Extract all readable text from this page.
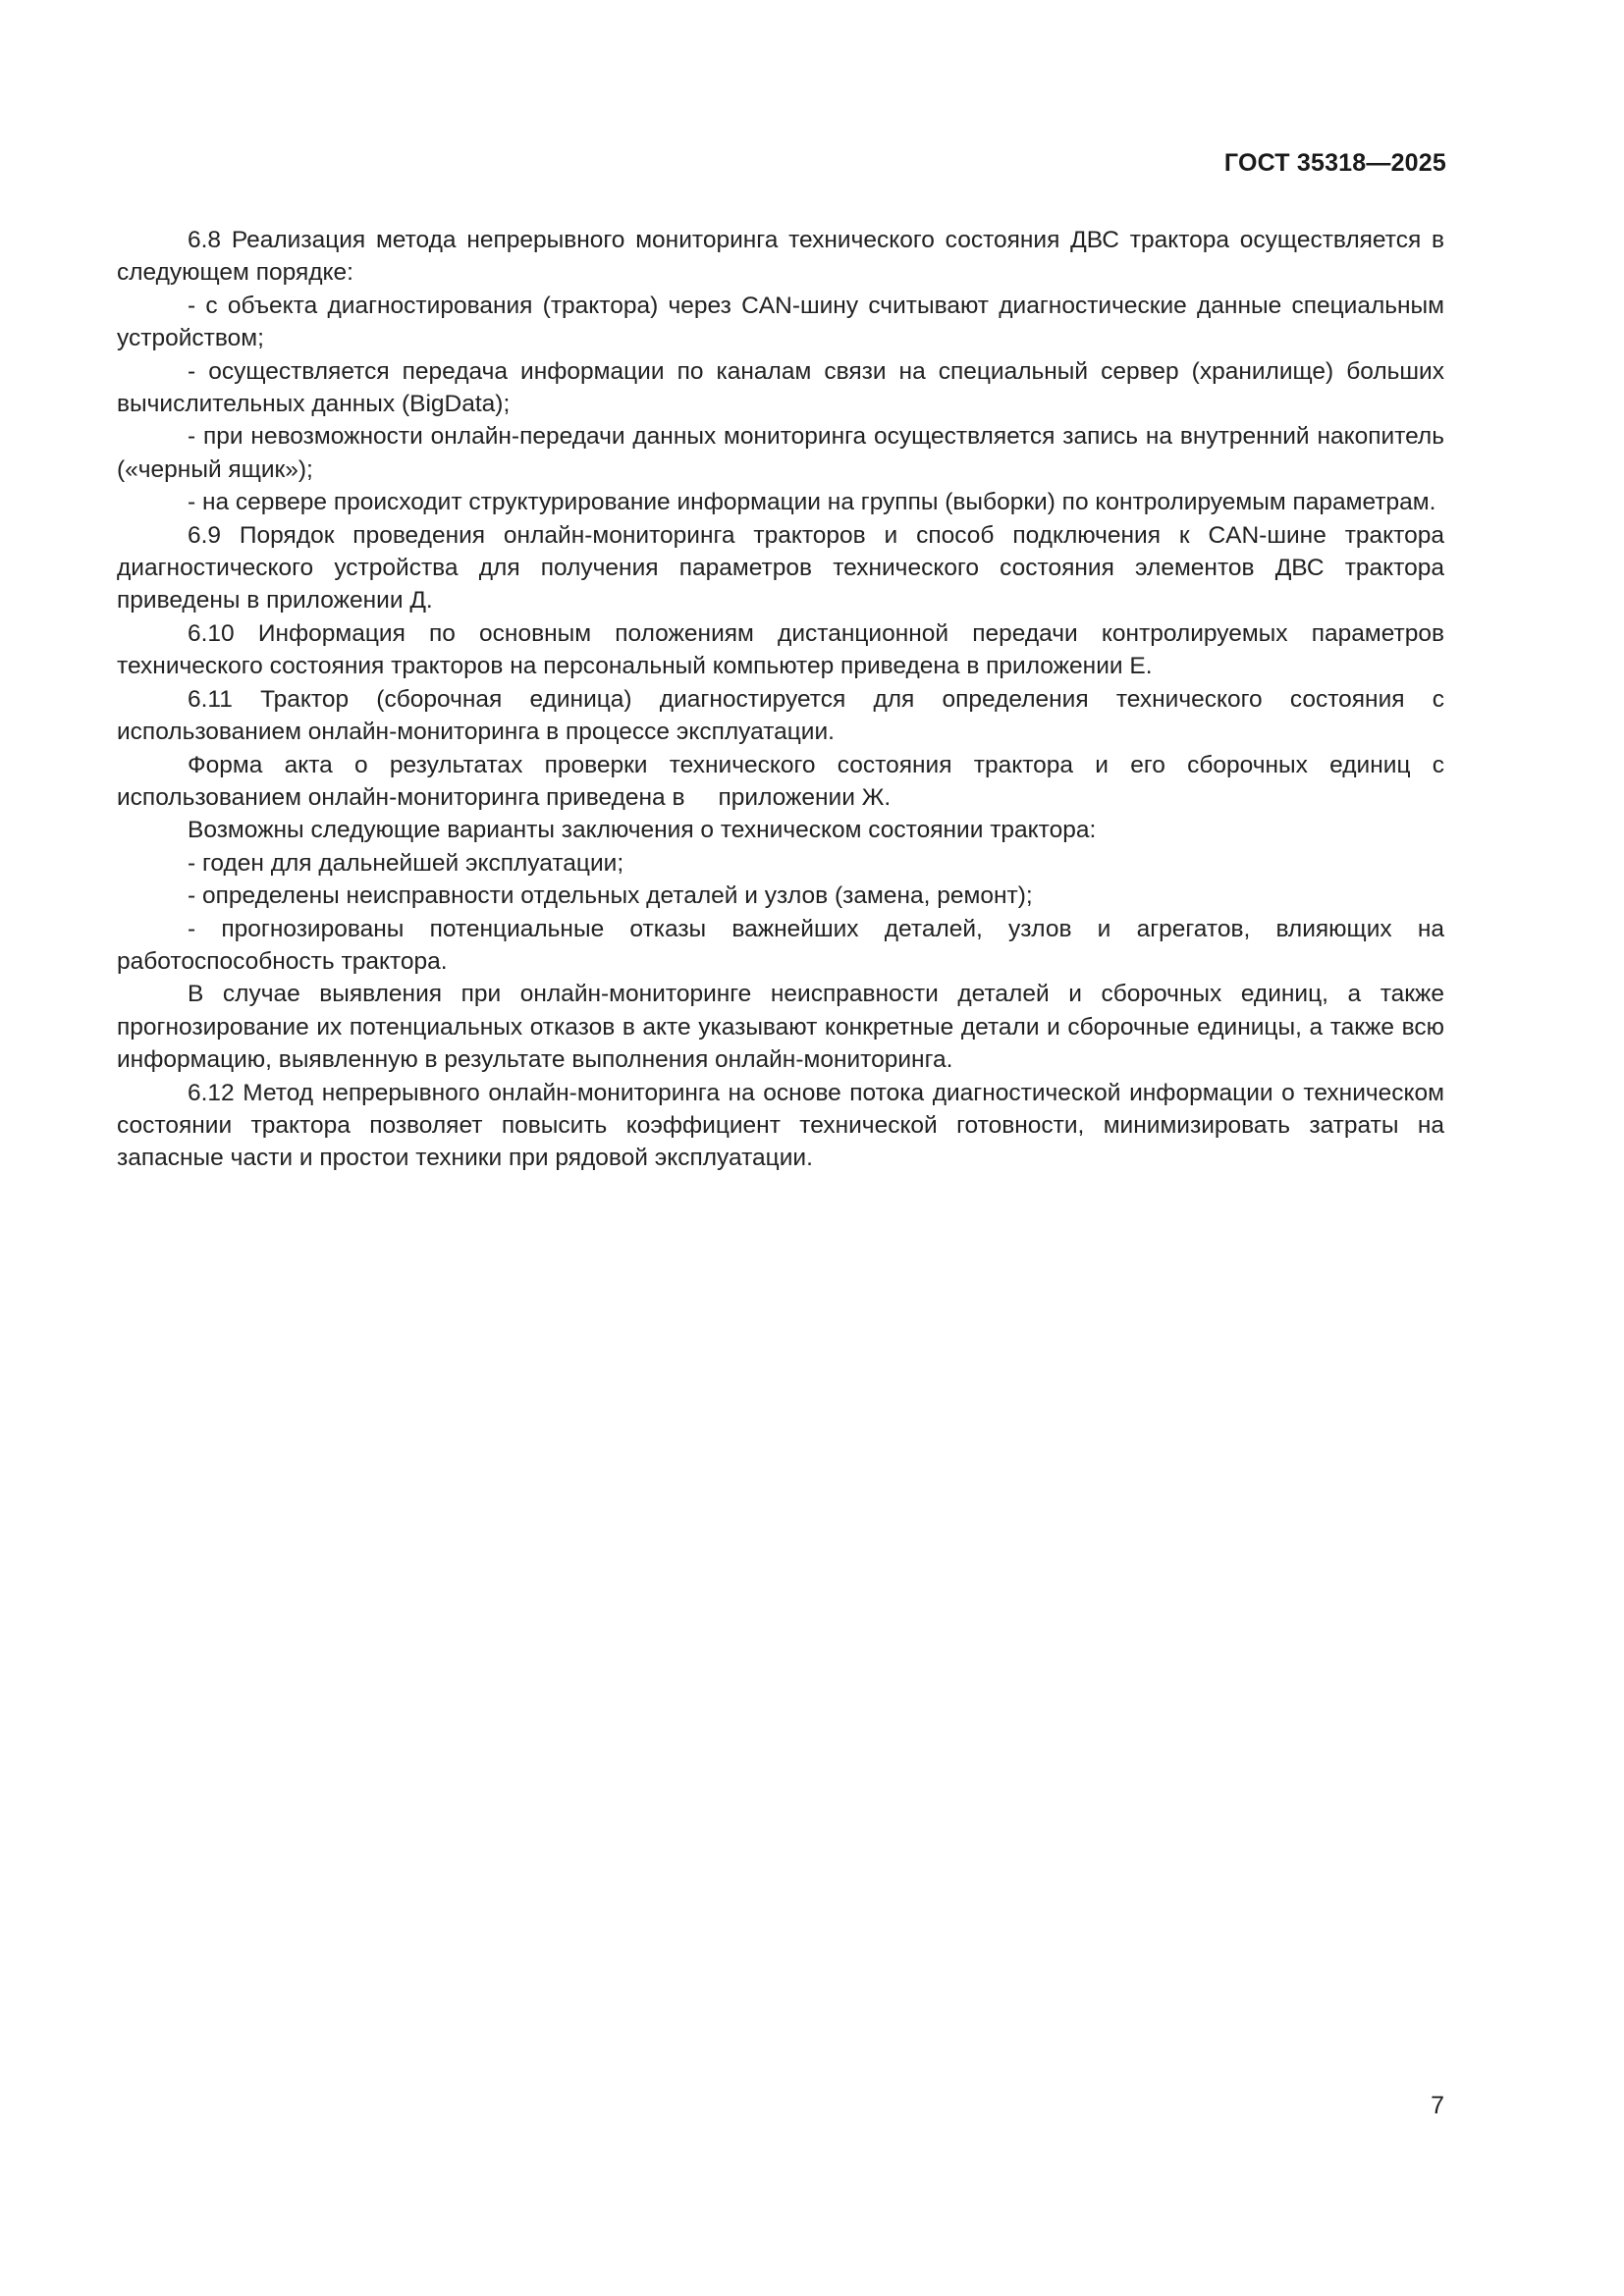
ГОСТ 35318—2025

6.8 Реализация метода непрерывного мониторинга технического состояния ДВС трактора осуществляется в следующем порядке:

- с объекта диагностирования (трактора) через CAN-шину считывают диагностические данные специальным устройством;

- осуществляется передача информации по каналам связи на специальный сервер (хранилище) больших вычислительных данных (BigData);

- при невозможности онлайн-передачи данных мониторинга осуществляется запись на внутренний накопитель («черный ящик»);

- на сервере происходит структурирование информации на группы (выборки) по контролируемым параметрам.

6.9 Порядок проведения онлайн-мониторинга тракторов и способ подключения к CAN-шине трактора диагностического устройства для получения параметров технического состояния элементов ДВС трактора приведены в приложении Д.

6.10 Информация по основным положениям дистанционной передачи контролируемых параметров технического состояния тракторов на персональный компьютер приведена в приложении Е.

6.11 Трактор (сборочная единица) диагностируется для определения технического состояния с использованием онлайн-мониторинга в процессе эксплуатации.

Форма акта о результатах проверки технического состояния трактора и его сборочных единиц с использованием онлайн-мониторинга приведена в     приложении Ж.

Возможны следующие варианты заключения о техническом состоянии трактора:

- годен для дальнейшей эксплуатации;

- определены неисправности отдельных деталей и узлов (замена, ремонт);

- прогнозированы потенциальные отказы важнейших деталей, узлов и агрегатов, влияющих на работоспособность трактора.

В случае выявления при онлайн-мониторинге неисправности деталей и сборочных единиц, а также прогнозирование их потенциальных отказов в акте указывают конкретные детали и сборочные единицы, а также всю информацию, выявленную в результате выполнения онлайн-мониторинга.

6.12 Метод непрерывного онлайн-мониторинга на основе потока диагностической информации о техническом состоянии трактора позволяет повысить коэффициент технической готовности, минимизировать затраты на запасные части и простои техники при рядовой эксплуатации.

7
